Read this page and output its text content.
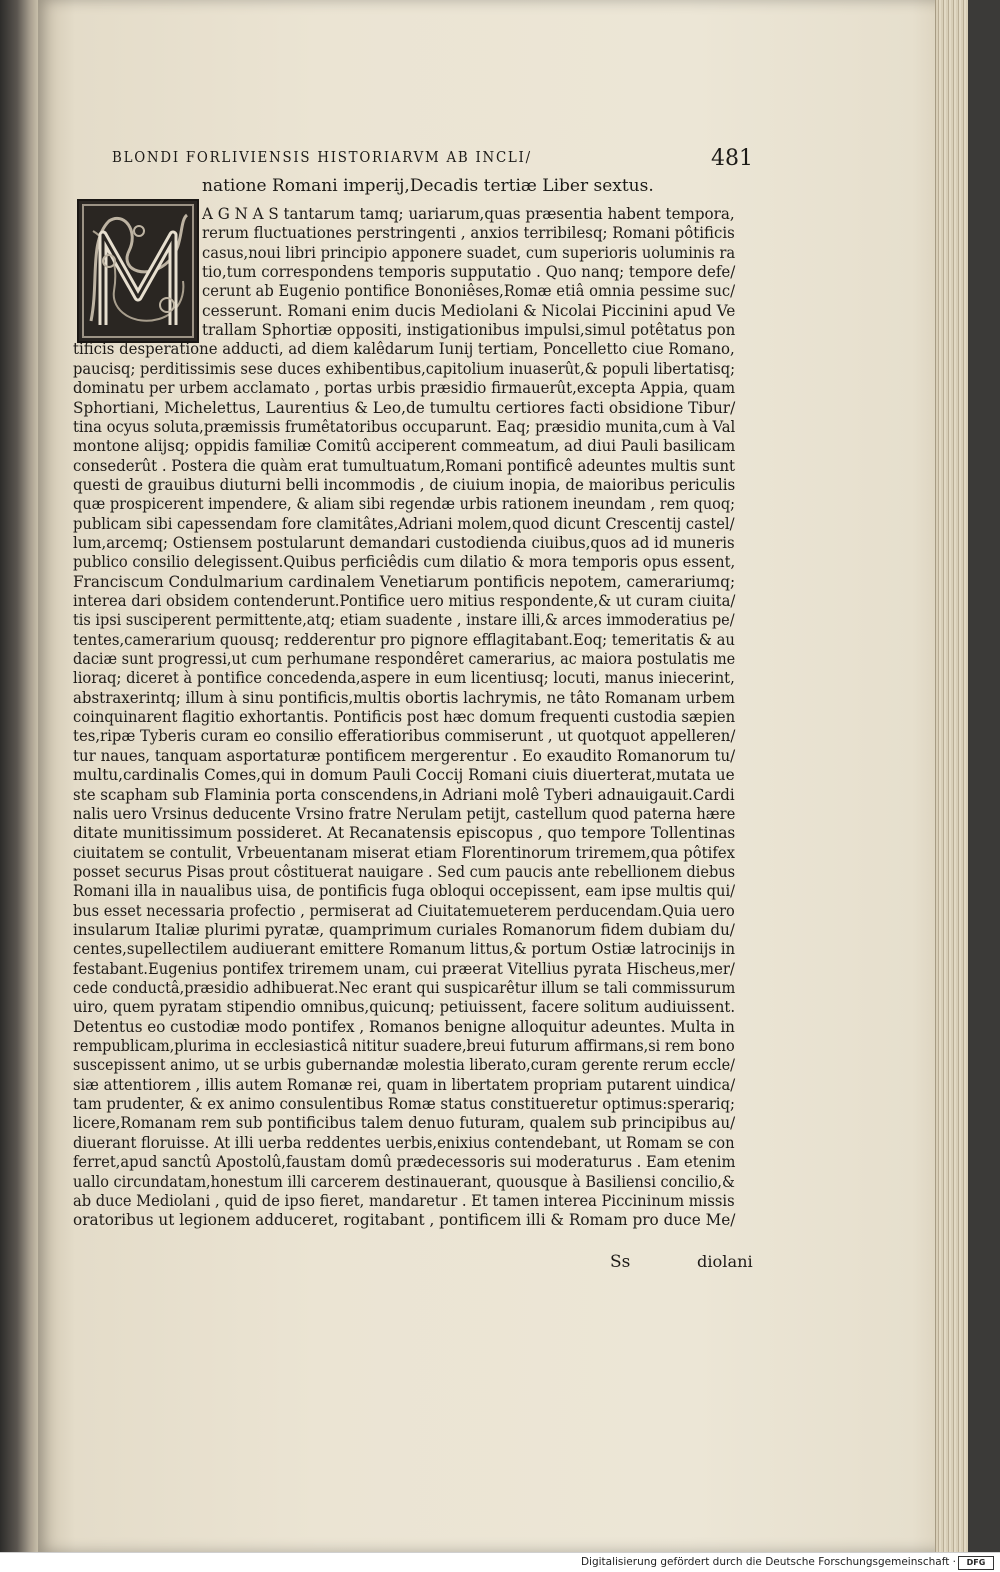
BLONDI FORLIVIENSIS HISTORIARVM AB INCLI/	481
natione Romani imperij,Decadis tertiæ Liber sextus.
A G N A S tantarum tamq; uariarum,quas præsentia habent tempora,
rerum fluctuationes perstringenti , anxios terribilesq; Romani pôtificis
casus,noui libri principio apponere suadet, cum superioris uoluminis ra
tio,tum correspondens temporis supputatio . Quo nanq; tempore defe/
cerunt ab Eugenio pontifice Bononiêses,Romæ etiâ omnia pessime suc/
cesserunt. Romani enim ducis Mediolani & Nicolai Piccinini apud Ve
trallam Sphortiæ oppositi, instigationibus impulsi,simul potêtatus pon
tificis desperatione adducti, ad diem kalêdarum Iunij tertiam, Poncelletto ciue Romano,
paucisq; perditissimis sese duces exhibentibus,capitolium inuaserût,& populi libertatisq;
dominatu per urbem acclamato , portas urbis præsidio firmauerût,excepta Appia, quam
Sphortiani, Michelettus, Laurentius & Leo,de tumultu certiores facti obsidione Tibur/
tina ocyus soluta,præmissis frumêtatoribus occuparunt. Eaq; præsidio munita,cum à Val
montone alijsq; oppidis familiæ Comitû acciperent commeatum, ad diui Pauli basilicam
consederût . Postera die quàm erat tumultuatum,Romani pontificê adeuntes multis sunt
questi de grauibus diuturni belli incommodis , de ciuium inopia, de maioribus periculis
quæ prospicerent impendere, & aliam sibi regendæ urbis rationem ineundam , rem quoq;
publicam sibi capessendam fore clamitâtes,Adriani molem,quod dicunt Crescentij castel/
lum,arcemq; Ostiensem postularunt demandari custodienda ciuibus,quos ad id muneris
publico consilio delegissent.Quibus perficiêdis cum dilatio & mora temporis opus essent,
Franciscum Condulmarium cardinalem Venetiarum pontificis nepotem, camerariumq;
interea dari obsidem contenderunt.Pontifice uero mitius respondente,& ut curam ciuita/
tis ipsi susciperent permittente,atq; etiam suadente , instare illi,& arces immoderatius pe/
tentes,camerarium quousq; redderentur pro pignore efflagitabant.Eoq; temeritatis & au
daciæ sunt progressi,ut cum perhumane respondêret camerarius, ac maiora postulatis me
lioraq; diceret à pontifice concedenda,aspere in eum licentiusq; locuti, manus iniecerint,
abstraxerintq; illum à sinu pontificis,multis obortis lachrymis, ne tâto Romanam urbem
coinquinarent flagitio exhortantis. Pontificis post hæc domum frequenti custodia sæpien
tes,ripæ Tyberis curam eo consilio efferatioribus commiserunt , ut quotquot appelleren/
tur naues, tanquam asportaturæ pontificem mergerentur . Eo exaudito Romanorum tu/
multu,cardinalis Comes,qui in domum Pauli Coccij Romani ciuis diuerterat,mutata ue
ste scapham sub Flaminia porta conscendens,in Adriani molê Tyberi adnauigauit.Cardi
nalis uero Vrsinus deducente Vrsino fratre Nerulam petijt, castellum quod paterna hære
ditate munitissimum possideret. At Recanatensis episcopus , quo tempore Tollentinas
ciuitatem se contulit, Vrbeuentanam miserat etiam Florentinorum triremem,qua pôtifex
posset securus Pisas prout côstituerat nauigare . Sed cum paucis ante rebellionem diebus
Romani illa in naualibus uisa, de pontificis fuga obloqui occepissent, eam ipse multis qui/
bus esset necessaria profectio , permiserat ad Ciuitatemueterem perducendam.Quia uero
insularum Italiæ plurimi pyratæ, quamprimum curiales Romanorum fidem dubiam du/
centes,supellectilem audiuerant emittere Romanum littus,& portum Ostiæ latrocinijs in
festabant.Eugenius pontifex triremem unam, cui præerat Vitellius pyrata Hischeus,mer/
cede conductâ,præsidio adhibuerat.Nec erant qui suspicarêtur illum se tali commissurum
uiro, quem pyratam stipendio omnibus,quicunq; petiuissent, facere solitum audiuissent.
Detentus eo custodiæ modo pontifex , Romanos benigne alloquitur adeuntes. Multa in
rempublicam,plurima in ecclesiasticâ nititur suadere,breui futurum affirmans,si rem bono
suscepissent animo, ut se urbis gubernandæ molestia liberato,curam gerente rerum eccle/
siæ attentiorem , illis autem Romanæ rei, quam in libertatem propriam putarent uindica/
tam prudenter, & ex animo consulentibus Romæ status constitueretur optimus:sperariq;
licere,Romanam rem sub pontificibus talem denuo futuram, qualem sub principibus au/
diuerant floruisse. At illi uerba reddentes uerbis,enixius contendebant, ut Romam se con
ferret,apud sanctû Apostolû,faustam domû prædecessoris sui moderaturus . Eam etenim
uallo circundatam,honestum illi carcerem destinauerant, quousque à Basiliensi concilio,&
ab duce Mediolani , quid de ipso fieret, mandaretur . Et tamen interea Piccininum missis
oratoribus ut legionem adduceret, rogitabant , pontificem illi & Romam pro duce Me/
Ss	diolani
Digitalisierung gefördert durch die Deutsche Forschungsgemeinschaft ·	DFG
